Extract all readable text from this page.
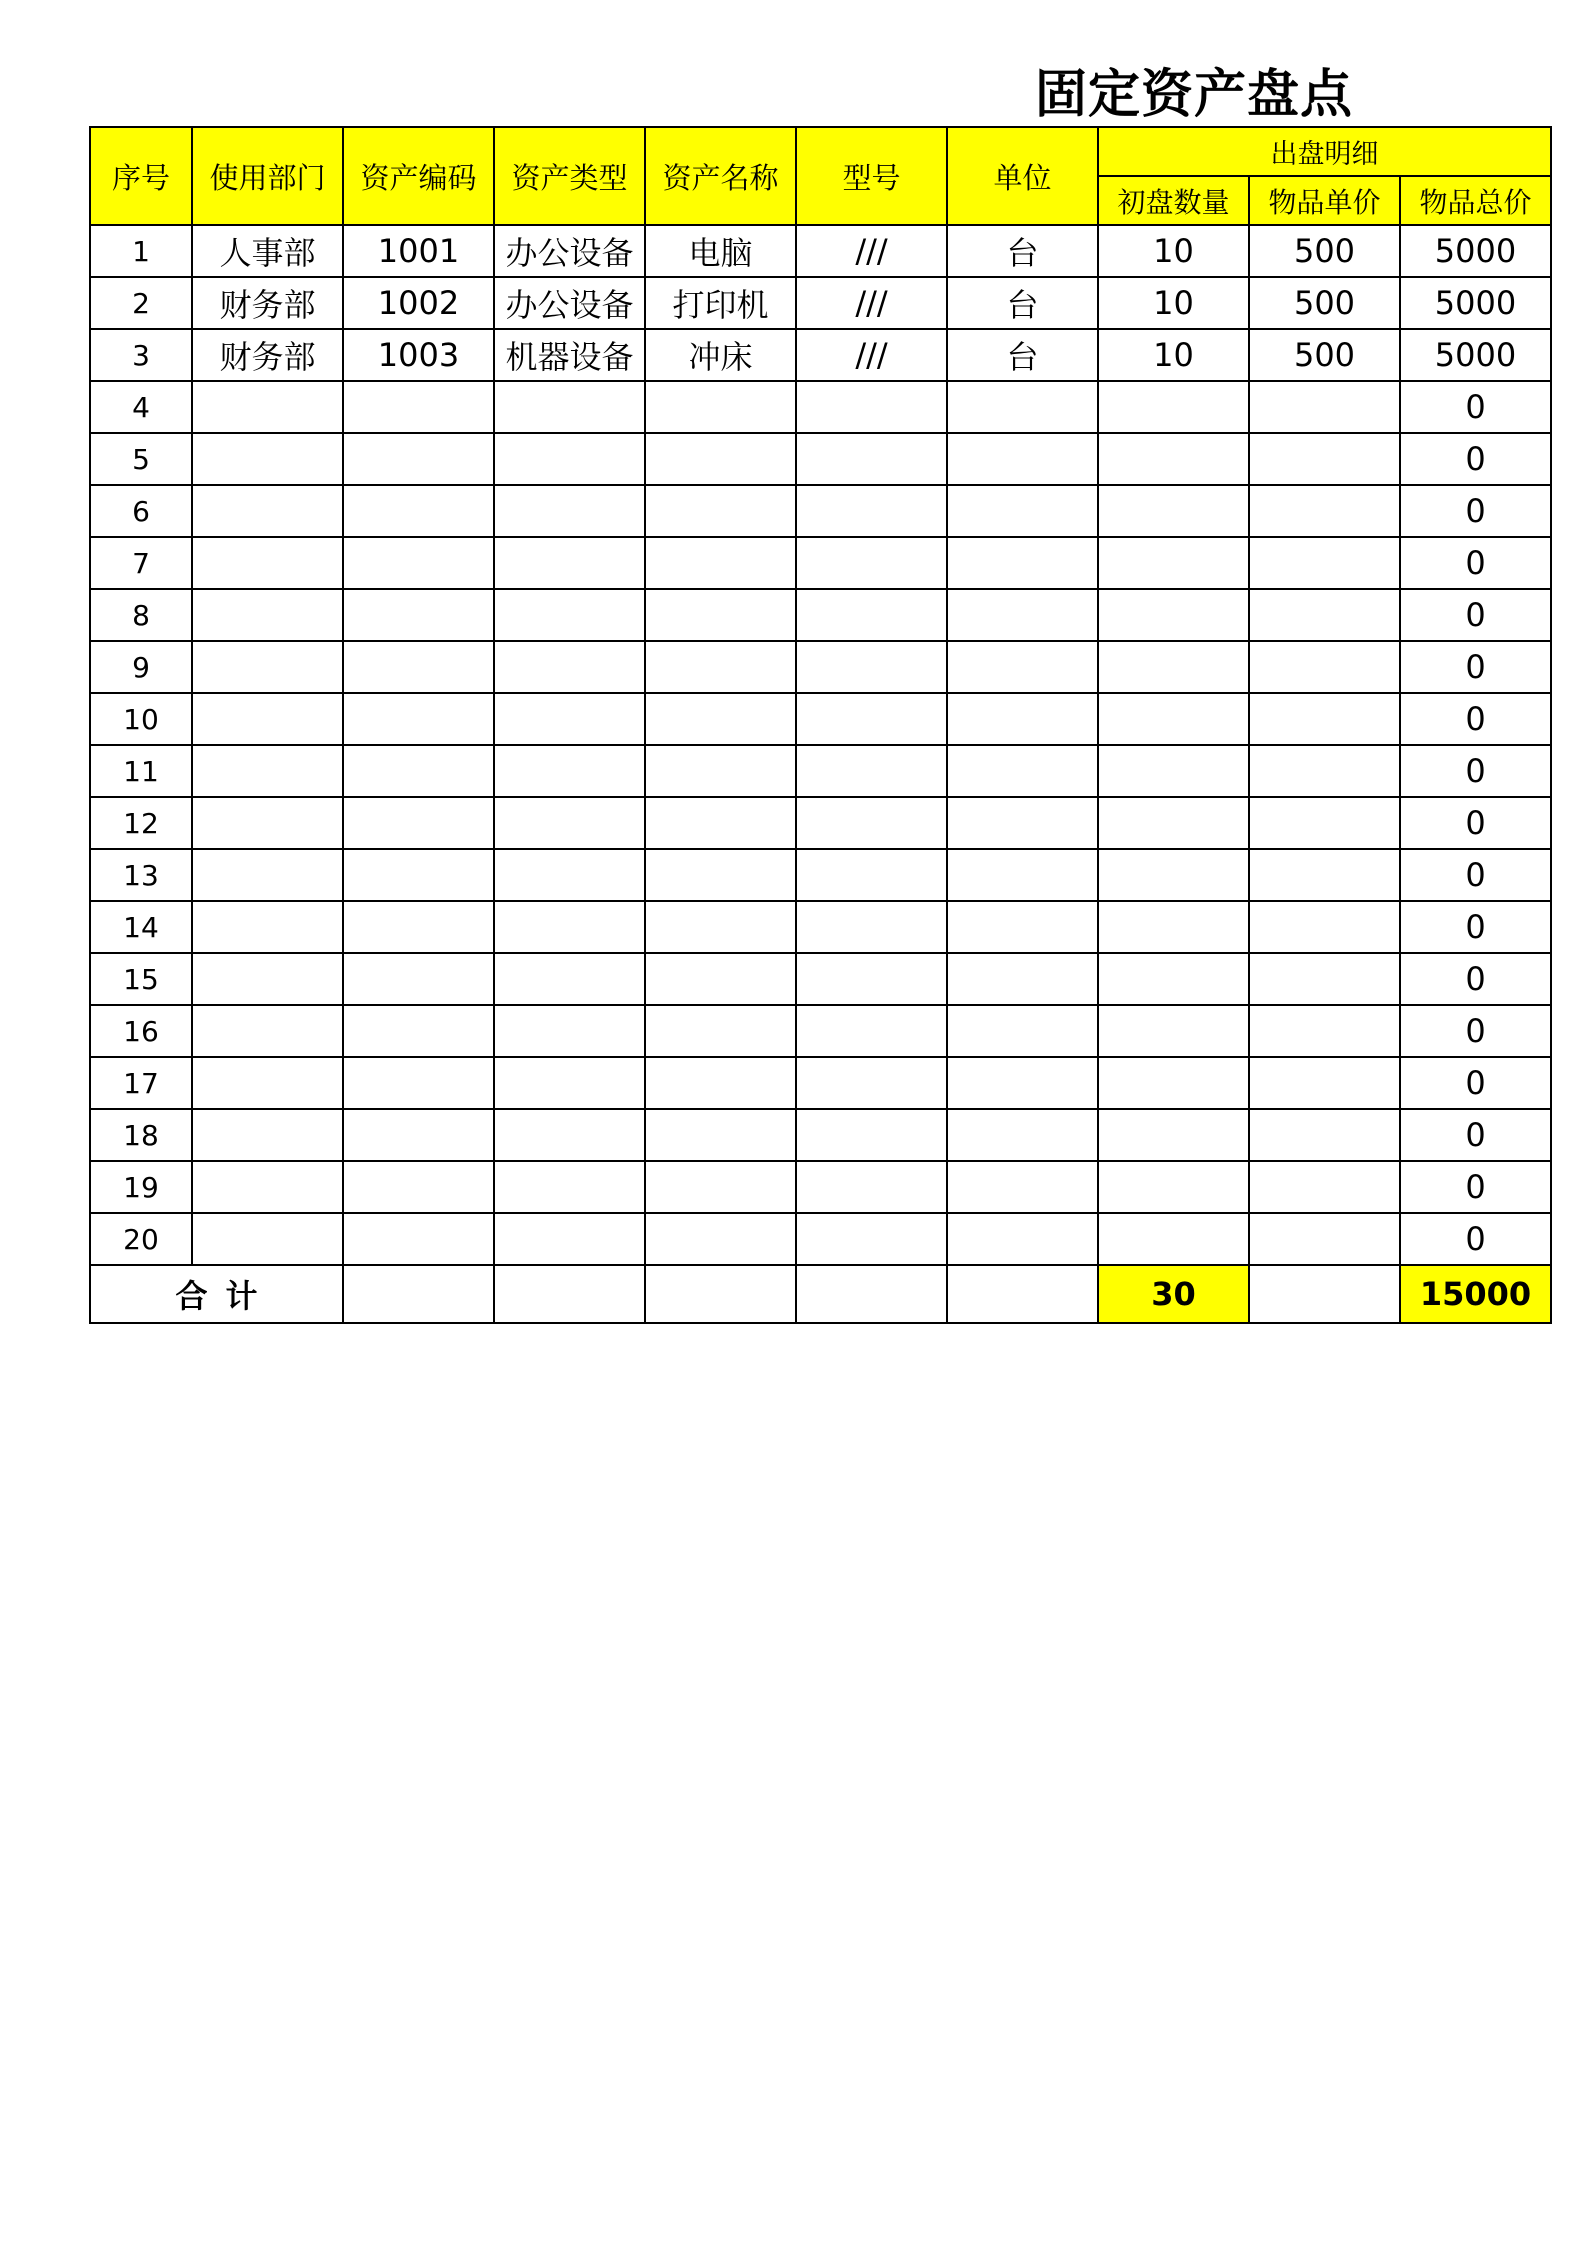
固定资产盘点
序号	使用部门	资产编码	资产类型	资产名称	型号	单位	出盘明细		
							初盘数量	物品单价	物品总价
1	人事部	1001	办公设备	电脑	///	台	10	500	5000
2	财务部	1002	办公设备	打印机	///	台	10	500	5000
3	财务部	1003	机器设备	冲床	///	台	10	500	5000
4									0
5									0
6									0
7									0
8									0
9									0
10									0
11									0
12									0
13									0
14									0
15									0
16									0
17									0
18									0
19									0
20									0
合计							30		15000
